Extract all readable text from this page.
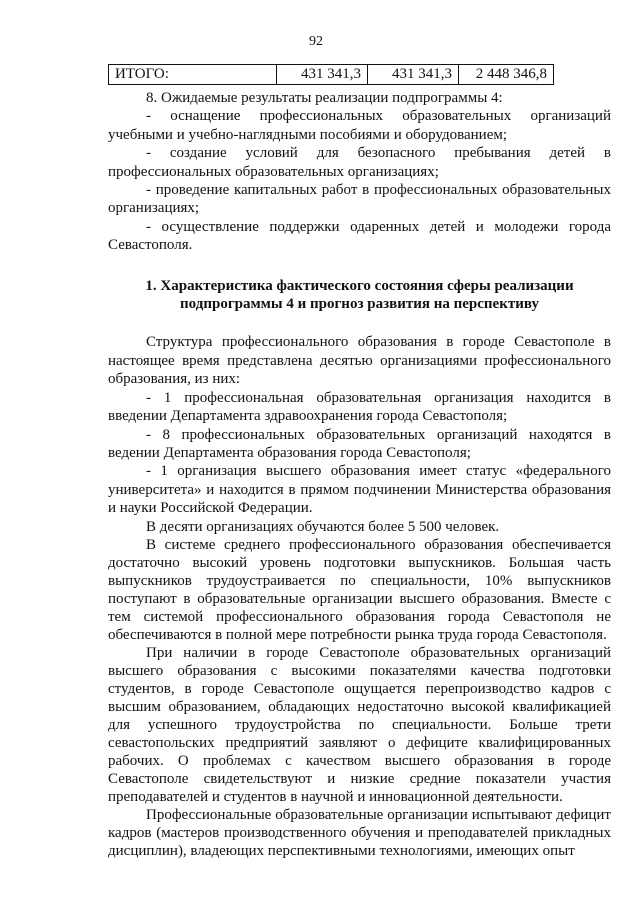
92
ИТОГО:	431 341,3	431 341,3	2 448 346,8

8. Ожидаемые результаты реализации подпрограммы 4:

- оснащение профессиональных образовательных организаций учебными и учебно-наглядными пособиями и оборудованием;

- создание условий для безопасного пребывания детей в профессиональных образовательных организациях;

- проведение капитальных работ в профессиональных образовательных организациях;

- осуществление поддержки одаренных детей и молодежи города Севастополя.

1. Характеристика фактического состояния сферы реализации подпрограммы 4 и прогноз развития на перспективу

Структура профессионального образования в городе Севастополе в настоящее время представлена десятью организациями профессионального образования, из них:

- 1 профессиональная образовательная организация находится в введении Департамента здравоохранения города Севастополя;

- 8 профессиональных образовательных организаций находятся в ведении Департамента образования города Севастополя;

- 1 организация высшего образования имеет статус «федерального университета» и находится в прямом подчинении Министерства образования и науки Российской Федерации.

В десяти организациях обучаются более 5 500 человек.

В системе среднего профессионального образования обеспечивается достаточно высокий уровень подготовки выпускников. Большая часть выпускников трудоустраивается по специальности, 10% выпускников поступают в образовательные организации высшего образования. Вместе с тем системой профессионального образования города Севастополя не обеспечиваются в полной мере потребности рынка труда города Севастополя.

При наличии в городе Севастополе образовательных организаций высшего образования с высокими показателями качества подготовки студентов, в городе Севастополе ощущается перепроизводство кадров с высшим образованием, обладающих недостаточно высокой квалификацией для успешного трудоустройства по специальности. Больше трети севастопольских предприятий заявляют о дефиците квалифицированных рабочих. О проблемах с качеством высшего образования в городе Севастополе свидетельствуют и низкие средние показатели участия преподавателей и студентов в научной и инновационной деятельности.

Профессиональные образовательные организации испытывают дефицит кадров (мастеров производственного обучения и преподавателей прикладных дисциплин), владеющих перспективными технологиями, имеющих опыт
